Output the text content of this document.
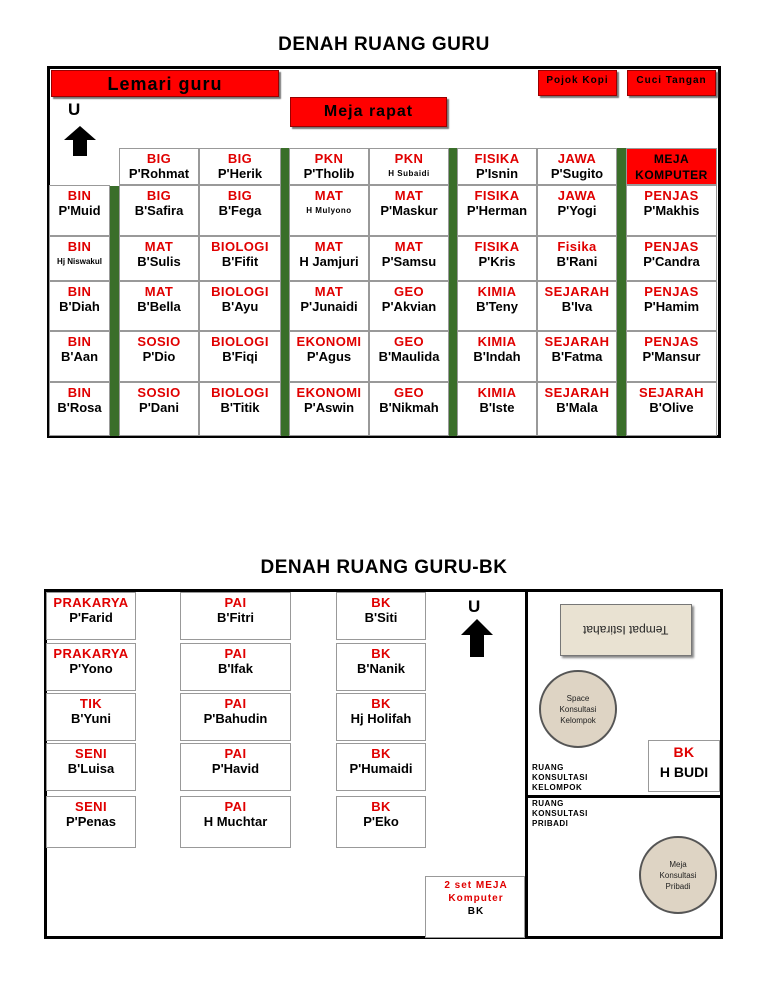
DENAH RUANG GURU
Lemari guru
Meja rapat
Pojok Kopi	Cuci Tangan
U
BIG
P'Rohmat
BIG
P'Herik
PKN
P'Tholib
PKN
H Subaidi
FISIKA
P'Isnin
JAWA
P'Sugito
BIN
P'Muid
BIG
B'Safira
BIG
B'Fega
MAT
H Mulyono
MAT
P'Maskur
FISIKA
P'Herman
JAWA
P'Yogi
PENJAS
P'Makhis
BIN
Hj Niswakul
MAT
B'Sulis
BIOLOGI
B'Fifit
MAT
H Jamjuri
MAT
P'Samsu
FISIKA
P'Kris
Fisika
B'Rani
PENJAS
P'Candra
BIN
B'Diah
MAT
B'Bella
BIOLOGI
B'Ayu
MAT
P'Junaidi
GEO
P'Akvian
KIMIA
B'Teny
SEJARAH
B'Iva
PENJAS
P'Hamim
BIN
B'Aan
SOSIO
P'Dio
BIOLOGI
B'Fiqi
EKONOMI
P'Agus
GEO
B'Maulida
KIMIA
B'Indah
SEJARAH
B'Fatma
PENJAS
P'Mansur
BIN
B'Rosa
SOSIO
P'Dani
BIOLOGI
B'Titik
EKONOMI
P'Aswin
GEO
B'Nikmah
KIMIA
B'Iste
SEJARAH
B'Mala
SEJARAH
B'Olive
MEJA KOMPUTER
DENAH RUANG GURU-BK
PRAKARYA
P'Farid
PRAKARYA
P'Yono
TIK
B'Yuni
SENI
B'Luisa
SENI
P'Penas
PAI
B'Fitri
PAI
B'Ifak
PAI
P'Bahudin
PAI
P'Havid
PAI
H Muchtar
BK
B'Siti
BK
B'Nanik
BK
Hj Holifah
BK
P'Humaidi
BK
P'Eko
U
2 set MEJA
Komputer
BK
Tempat Istirahat
Space Konsultasi Kelompok
RUANG KONSULTASI KELOMPOK
BK
H BUDI
RUANG KONSULTASI PRIBADI
Meja Konsultasi Pribadi
